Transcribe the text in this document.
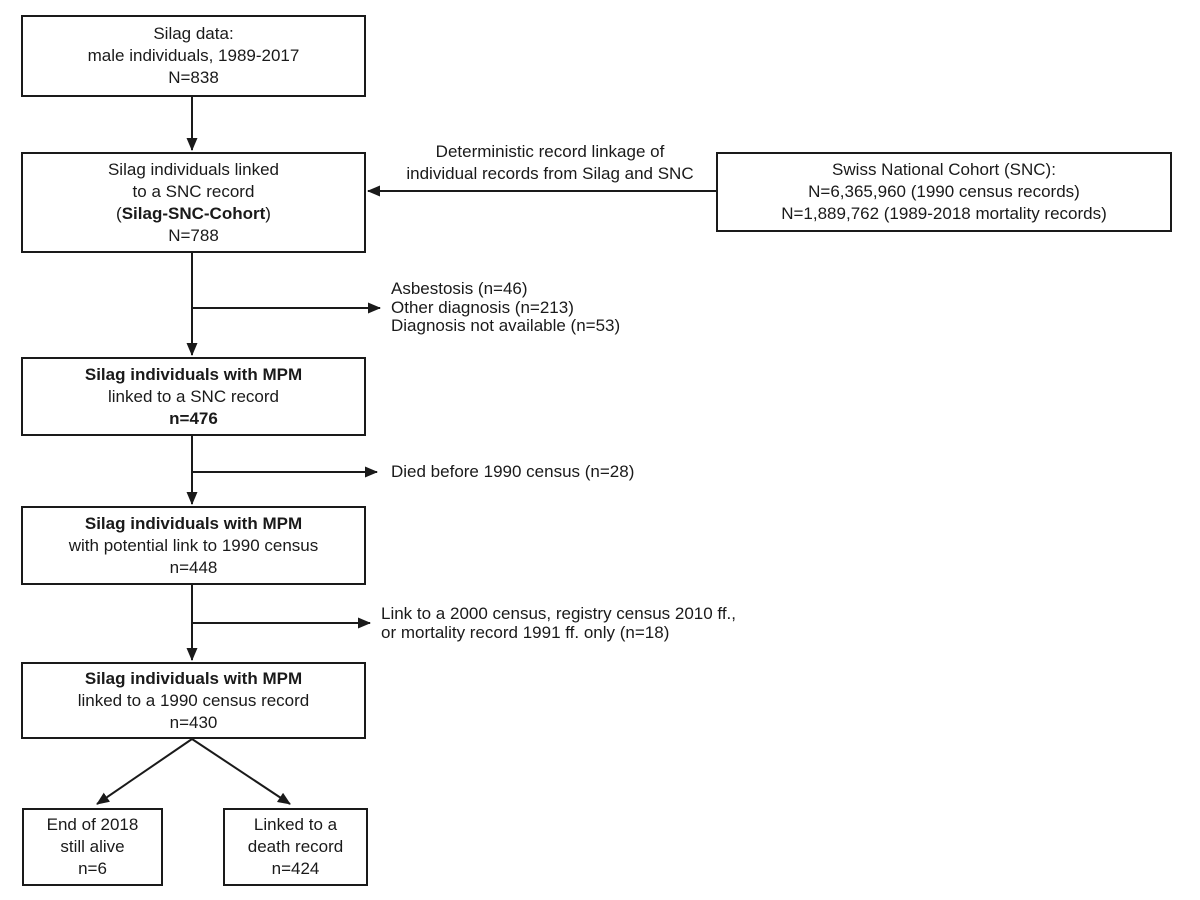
Silag data:

male individuals, 1989-2017

N=838

Silag individuals linked

to a SNC record

(Silag-SNC-Cohort)

N=788

Swiss National Cohort (SNC):

N=6,365,960 (1990 census records)

N=1,889,762 (1989-2018 mortality records)

Silag individuals with MPM

linked to a SNC record

n=476

Silag individuals with MPM

with potential link to 1990 census

n=448

Silag individuals with MPM

linked to a 1990 census record

n=430

End of 2018

still alive

n=6

Linked to a

death record

n=424

Deterministic record linkage of

individual records from Silag and SNC

Asbestosis (n=46)

Other diagnosis (n=213)

Diagnosis not available (n=53)

Died before 1990 census (n=28)

Link to a 2000 census, registry census 2010 ff.,

or mortality record 1991 ff. only (n=18)
